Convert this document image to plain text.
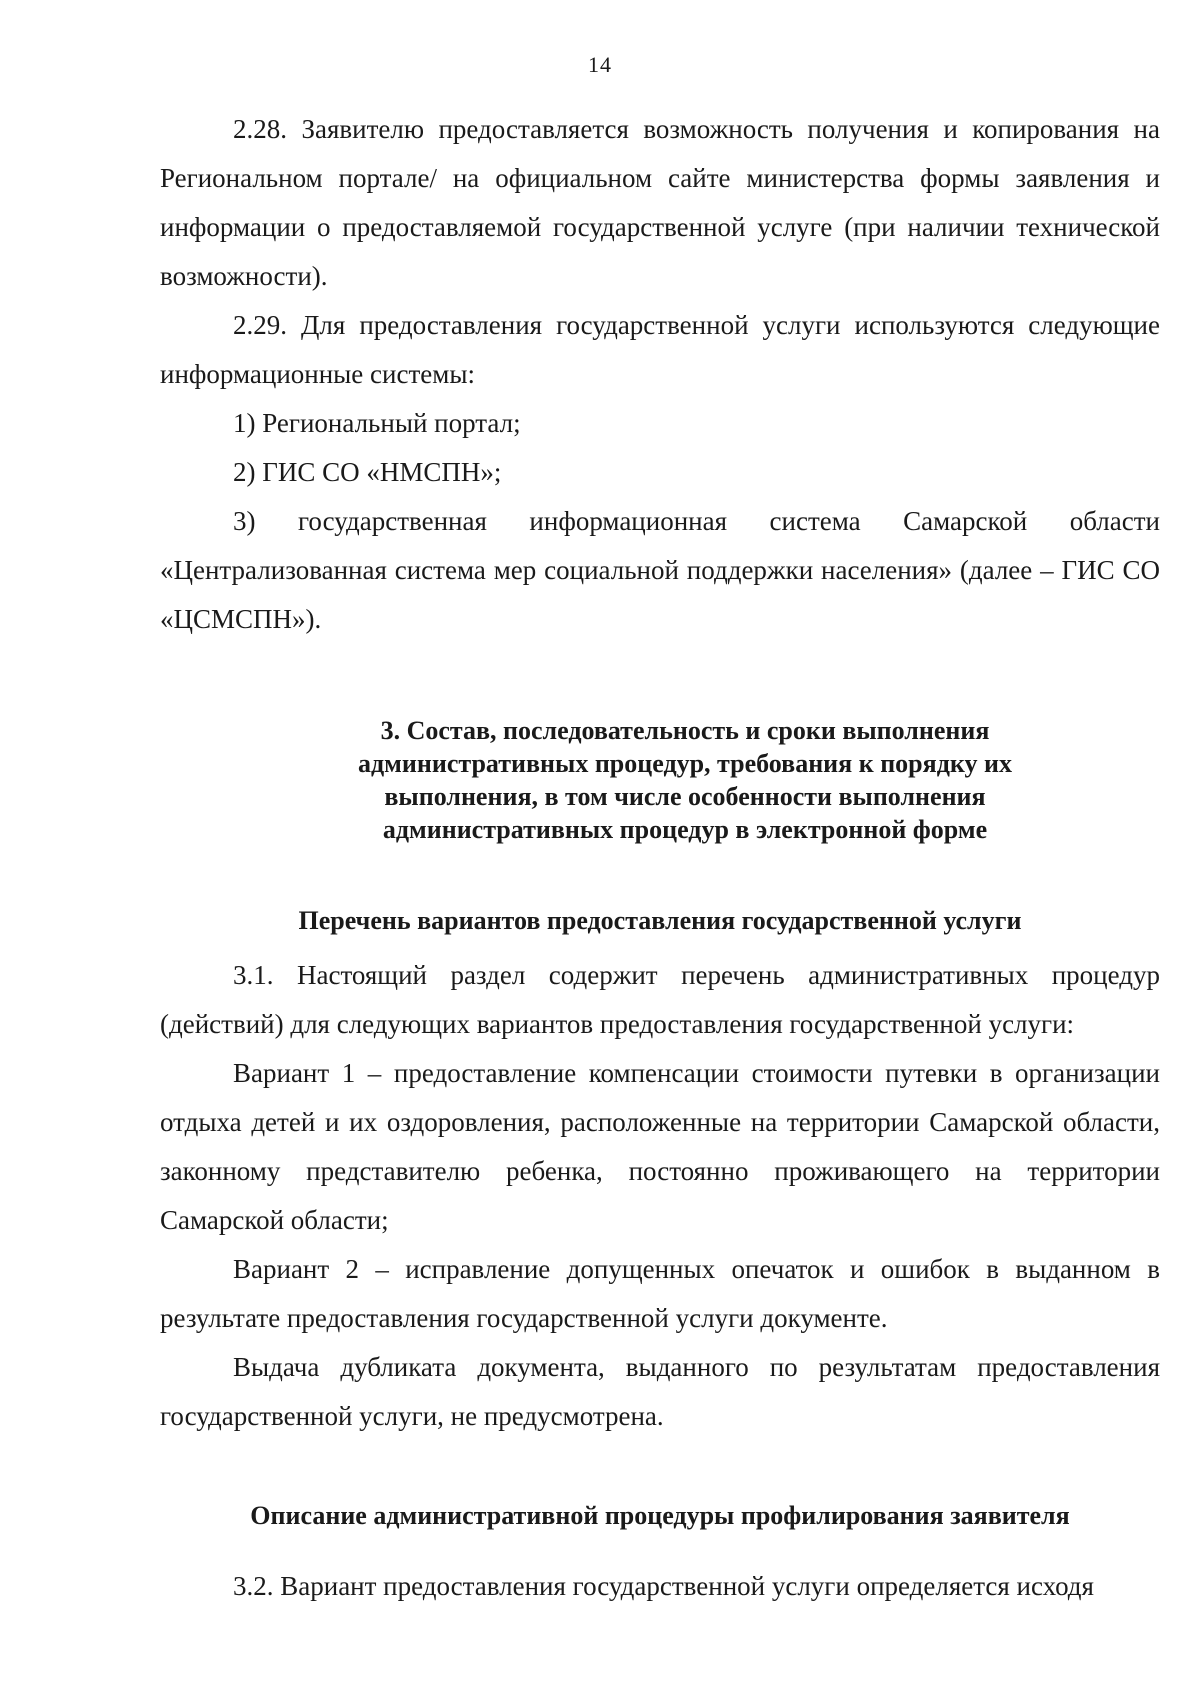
14

2.28. Заявителю предоставляется возможность получения и копирования на Региональном портале/ на официальном сайте министерства формы заявления и информации о предоставляемой государственной услуге (при наличии технической возможности).

2.29. Для предоставления государственной услуги используются следующие информационные системы:

1) Региональный портал;

2) ГИС СО «НМСПН»;

3) государственная информационная система Самарской области «Централизованная система мер социальной поддержки населения» (далее – ГИС СО «ЦСМСПН»).

3. Состав, последовательность и сроки выполнения
административных процедур, требования к порядку их
выполнения, в том числе особенности выполнения
административных процедур в электронной форме

Перечень вариантов предоставления государственной услуги

3.1. Настоящий раздел содержит перечень административных процедур (действий) для следующих вариантов предоставления государственной услуги:

Вариант 1 – предоставление компенсации стоимости путевки в организации отдыха детей и их оздоровления, расположенные на территории Самарской области, законному представителю ребенка, постоянно проживающего на территории Самарской области;

Вариант 2 – исправление допущенных опечаток и ошибок в выданном в результате предоставления государственной услуги документе.

Выдача дубликата документа, выданного по результатам предоставления государственной услуги, не предусмотрена.

Описание административной процедуры профилирования заявителя

3.2. Вариант предоставления государственной услуги определяется исходя
